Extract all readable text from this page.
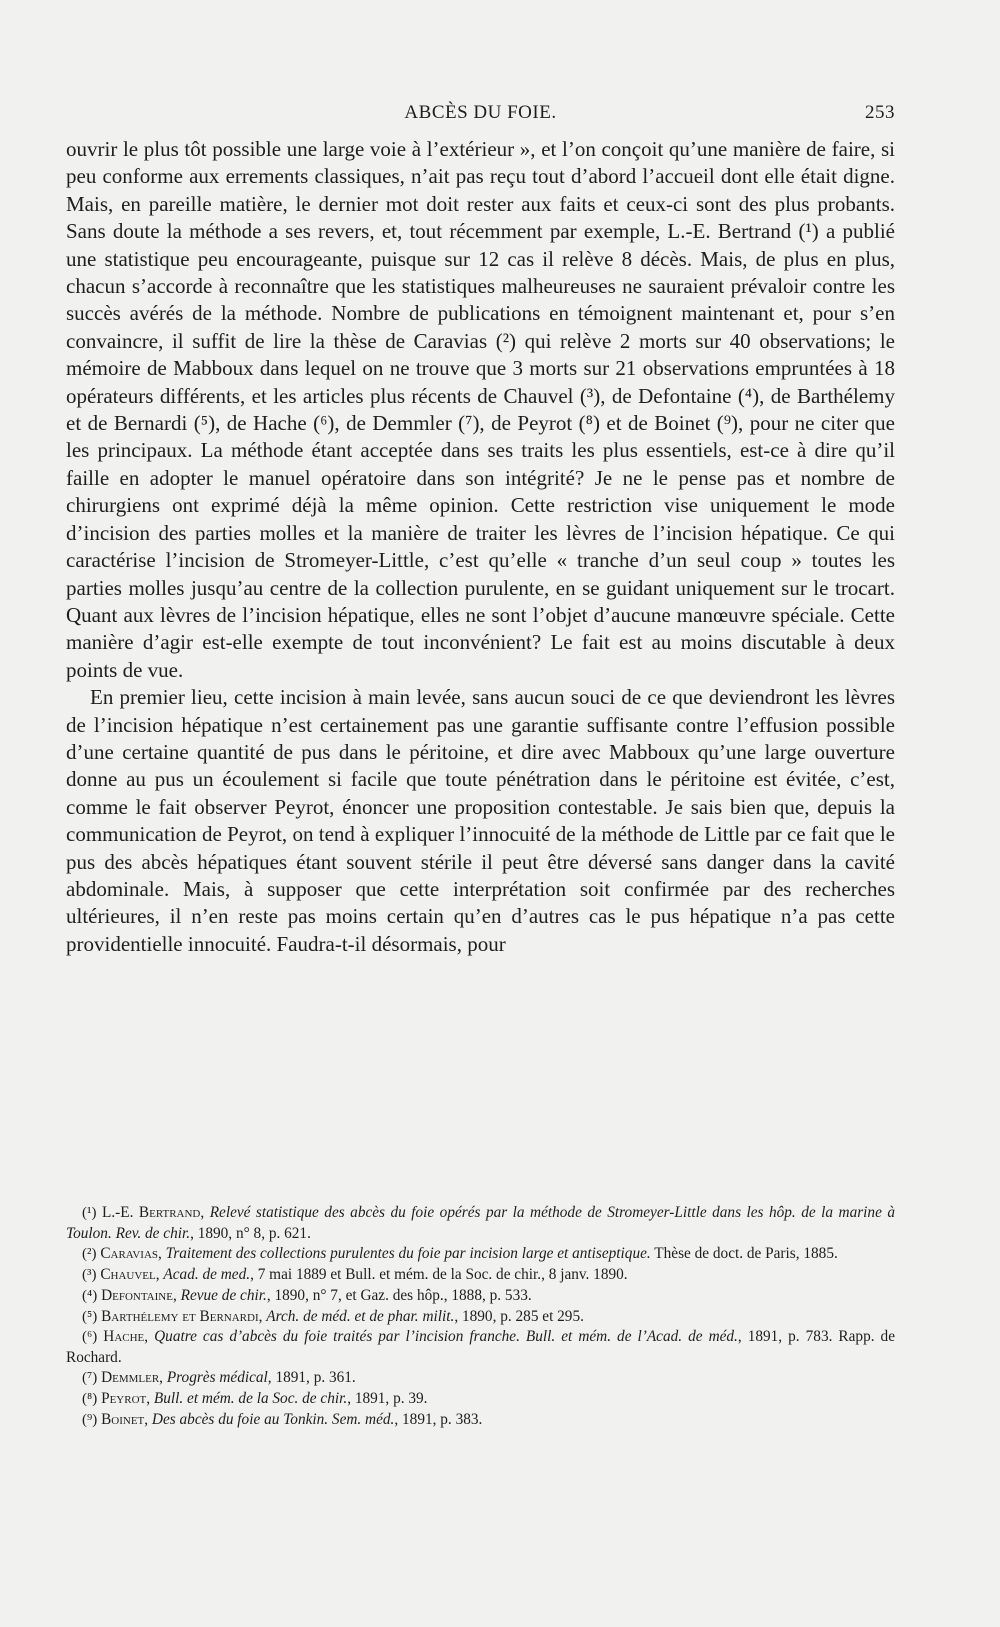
ABCÈS DU FOIE.	253

ouvrir le plus tôt possible une large voie à l’extérieur », et l’on conçoit qu’une manière de faire, si peu conforme aux errements classiques, n’ait pas reçu tout d’abord l’accueil dont elle était digne. Mais, en pareille matière, le dernier mot doit rester aux faits et ceux-ci sont des plus probants. Sans doute la méthode a ses revers, et, tout récemment par exemple, L.-E. Bertrand (¹) a publié une statistique peu encourageante, puisque sur 12 cas il relève 8 décès. Mais, de plus en plus, chacun s’accorde à reconnaître que les statistiques malheureuses ne sauraient prévaloir contre les succès avérés de la méthode. Nombre de publications en témoignent maintenant et, pour s’en convaincre, il suffit de lire la thèse de Caravias (²) qui relève 2 morts sur 40 observations; le mémoire de Mabboux dans lequel on ne trouve que 3 morts sur 21 observations empruntées à 18 opérateurs différents, et les articles plus récents de Chauvel (³), de Defontaine (⁴), de Barthélemy et de Bernardi (⁵), de Hache (⁶), de Demmler (⁷), de Peyrot (⁸) et de Boinet (⁹), pour ne citer que les principaux. La méthode étant acceptée dans ses traits les plus essentiels, est-ce à dire qu’il faille en adopter le manuel opératoire dans son intégrité? Je ne le pense pas et nombre de chirurgiens ont exprimé déjà la même opinion. Cette restriction vise uniquement le mode d’incision des parties molles et la manière de traiter les lèvres de l’incision hépatique. Ce qui caractérise l’incision de Stromeyer-Little, c’est qu’elle « tranche d’un seul coup » toutes les parties molles jusqu’au centre de la collection purulente, en se guidant uniquement sur le trocart. Quant aux lèvres de l’incision hépatique, elles ne sont l’objet d’aucune manœuvre spéciale. Cette manière d’agir est-elle exempte de tout inconvénient? Le fait est au moins discutable à deux points de vue.

En premier lieu, cette incision à main levée, sans aucun souci de ce que deviendront les lèvres de l’incision hépatique n’est certainement pas une garantie suffisante contre l’effusion possible d’une certaine quantité de pus dans le péritoine, et dire avec Mabboux qu’une large ouverture donne au pus un écoulement si facile que toute pénétration dans le péritoine est évitée, c’est, comme le fait observer Peyrot, énoncer une proposition contestable. Je sais bien que, depuis la communication de Peyrot, on tend à expliquer l’innocuité de la méthode de Little par ce fait que le pus des abcès hépatiques étant souvent stérile il peut être déversé sans danger dans la cavité abdominale. Mais, à supposer que cette interprétation soit confirmée par des recherches ultérieures, il n’en reste pas moins certain qu’en d’autres cas le pus hépatique n’a pas cette providentielle innocuité. Faudra-t-il désormais, pour

(¹) L.-E. Bertrand, Relevé statistique des abcès du foie opérés par la méthode de Stromeyer-Little dans les hôp. de la marine à Toulon. Rev. de chir., 1890, n° 8, p. 621.

(²) Caravias, Traitement des collections purulentes du foie par incision large et antiseptique. Thèse de doct. de Paris, 1885.

(³) Chauvel, Acad. de med., 7 mai 1889 et Bull. et mém. de la Soc. de chir., 8 janv. 1890.

(⁴) Defontaine, Revue de chir., 1890, n° 7, et Gaz. des hôp., 1888, p. 533.

(⁵) Barthélemy et Bernardi, Arch. de méd. et de phar. milit., 1890, p. 285 et 295.

(⁶) Hache, Quatre cas d’abcès du foie traités par l’incision franche. Bull. et mém. de l’Acad. de méd., 1891, p. 783. Rapp. de Rochard.

(⁷) Demmler, Progrès médical, 1891, p. 361.

(⁸) Peyrot, Bull. et mém. de la Soc. de chir., 1891, p. 39.

(⁹) Boinet, Des abcès du foie au Tonkin. Sem. méd., 1891, p. 383.
